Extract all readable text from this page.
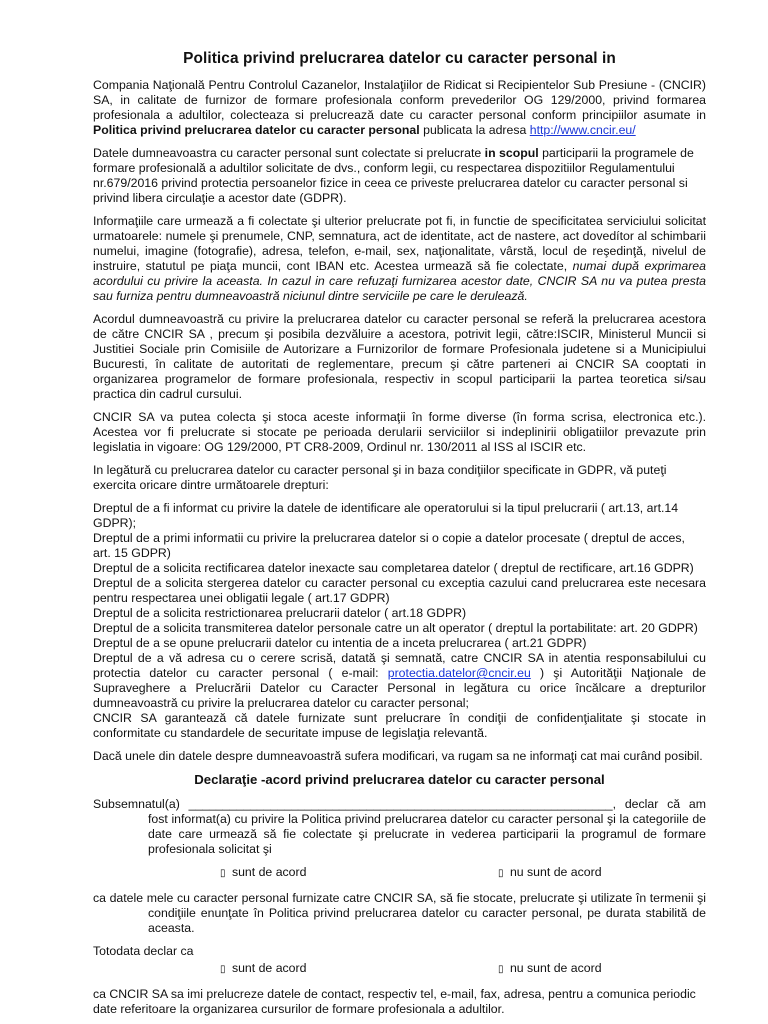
Politica privind prelucrarea datelor cu caracter personal in

Compania Naţională Pentru Controlul Cazanelor, Instalaţiilor de Ridicat si Recipientelor Sub Presiune - (CNCIR) SA, in calitate de furnizor de formare profesionala conform prevederilor OG 129/2000, privind formarea profesionala a adultilor, colecteaza si prelucrează date cu caracter personal conform principiilor asumate in Politica privind prelucrarea datelor cu caracter personal publicata la adresa http://www.cncir.eu/

Datele dumneavoastra cu caracter personal sunt colectate si prelucrate in scopul participarii la programele de formare profesională a adultilor solicitate de dvs., conform legii, cu respectarea dispozitiilor Regulamentului nr.679/2016 privind protectia persoanelor fizice in ceea ce priveste prelucrarea datelor cu caracter personal si privind libera circulaţie a acestor date (GDPR).

Informaţiile care urmează a fi colectate şi ulterior prelucrate pot fi, in functie de specificitatea serviciului solicitat urmatoarele: numele şi prenumele, CNP, semnatura, act de identitate, act de nastere, act dovedítor al schimbarii numelui, imagine (fotografie), adresa, telefon, e-mail, sex, naţionalitate, vârstă, locul de reşedinţă, nivelul de instruire, statutul pe piaţa muncii, cont IBAN etc. Acestea urmează să fie colectate, numai după exprimarea acordului cu privire la aceasta. In cazul in care refuzaţi furnizarea acestor date, CNCIR SA nu va putea presta sau furniza pentru dumneavoastră niciunul dintre serviciile pe care le derulează.

Acordul dumneavoastră cu privire la prelucrarea datelor cu caracter personal se referă la prelucrarea acestora de către CNCIR SA , precum şi posibila dezvăluire a acestora, potrivit legii, către:ISCIR, Ministerul Muncii si Justitiei Sociale prin Comisiile de Autorizare a Furnizorilor de formare Profesionala judetene si a Municipiului Bucuresti, în calitate de autoritati de reglementare, precum şi către parteneri ai CNCIR SA cooptati in organizarea programelor de formare profesionala, respectiv in scopul participarii la partea teoretica si/sau practica din cadrul cursului.

CNCIR SA va putea colecta şi stoca aceste informaţii în forme diverse (în forma scrisa, electronica etc.). Acestea vor fi prelucrate si stocate pe perioada derularii serviciilor si indeplinirii obligatiilor prevazute prin legislatia in vigoare: OG 129/2000, PT CR8-2009, Ordinul nr. 130/2011 al ISS al ISCIR etc.

In legătură cu prelucrarea datelor cu caracter personal şi in baza condiţiilor specificate in GDPR, vă puteţi exercita oricare dintre următoarele drepturi:

Dreptul de a fi informat cu privire la datele de identificare ale operatorului si la tipul prelucrarii ( art.13, art.14 GDPR);

Dreptul de a primi informatii cu privire la prelucrarea datelor si o copie a datelor procesate ( dreptul de acces, art. 15 GDPR)

Dreptul de a solicita rectificarea datelor inexacte sau completarea datelor ( dreptul de rectificare, art.16 GDPR)

Dreptul de a solicita stergerea datelor cu caracter personal cu exceptia cazului cand prelucrarea este necesara pentru respectarea unei obligatii legale ( art.17 GDPR)

Dreptul de a solicita restrictionarea prelucrarii datelor ( art.18 GDPR)

Dreptul de a solicita transmiterea datelor personale catre un alt operator ( dreptul la portabilitate: art. 20 GDPR)

Dreptul de a se opune prelucrarii datelor cu intentia de a inceta prelucrarea ( art.21 GDPR)

Dreptul de a vă adresa cu o cerere scrisă, datată şi semnată, catre CNCIR SA in atentia responsabilului cu protectia datelor cu caracter personal ( e-mail: protectia.datelor@cncir.eu ) şi Autorităţii Naţionale de Supraveghere a Prelucrării Datelor cu Caracter Personal in legătura cu orice încălcare a drepturilor dumneavoastră cu privire la prelucrarea datelor cu caracter personal;

CNCIR SA garantează că datele furnizate sunt prelucrare în condiţii de confidenţialitate şi stocate in conformitate cu standardele de securitate impuse de legislaţia relevantă.

Dacă unele din datele despre dumneavoastră sufera modificari, va rugam sa ne informaţi cat mai curând posibil.

Declaraţie -acord privind prelucrarea datelor cu caracter personal

Subsemnatul(a) ______________________________________________________________, declar că am fost informat(a) cu privire la Politica privind prelucrarea datelor cu caracter personal şi la categoriile de date care urmează să fie colectate şi prelucrate in vederea participarii la programul de formare profesionala solicitat şi

▯ sunt de acord	▯ nu sunt de acord

ca datele mele cu caracter personal furnizate catre CNCIR SA, să fie stocate, prelucrate şi utilizate în termenii şi condiţiile enunţate în Politica privind prelucrarea datelor cu caracter personal, pe durata stabilită de aceasta.

Totodata declar ca

▯ sunt de acord	▯ nu sunt de acord

ca CNCIR SA sa imi prelucreze datele de contact, respectiv tel, e-mail, fax, adresa, pentru a comunica periodic date referitoare la organizarea cursurilor de formare profesionala a adultilor.
